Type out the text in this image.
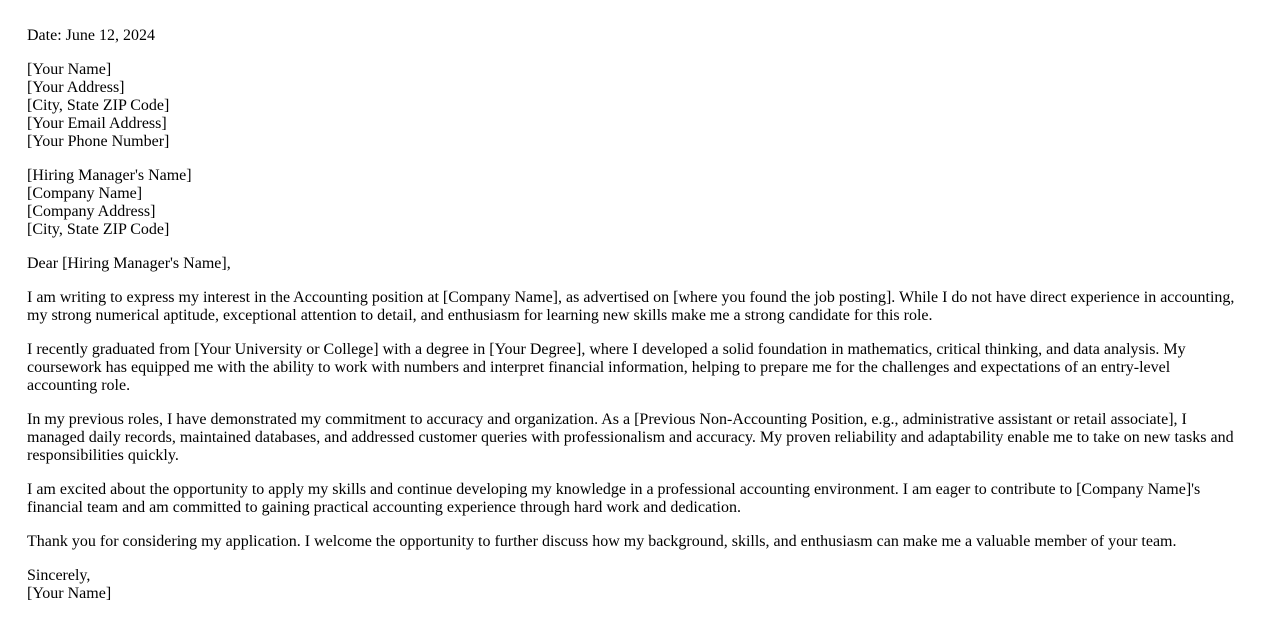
Date: June 12, 2024

[Your Name]
[Your Address]
[City, State ZIP Code]
[Your Email Address]
[Your Phone Number]

[Hiring Manager's Name]
[Company Name]
[Company Address]
[City, State ZIP Code]

Dear [Hiring Manager's Name],

I am writing to express my interest in the Accounting position at [Company Name], as advertised on [where you found the job posting]. While I do not have direct experience in accounting, my strong numerical aptitude, exceptional attention to detail, and enthusiasm for learning new skills make me a strong candidate for this role.

I recently graduated from [Your University or College] with a degree in [Your Degree], where I developed a solid foundation in mathematics, critical thinking, and data analysis. My coursework has equipped me with the ability to work with numbers and interpret financial information, helping to prepare me for the challenges and expectations of an entry-level accounting role.

In my previous roles, I have demonstrated my commitment to accuracy and organization. As a [Previous Non-Accounting Position, e.g., administrative assistant or retail associate], I managed daily records, maintained databases, and addressed customer queries with professionalism and accuracy. My proven reliability and adaptability enable me to take on new tasks and responsibilities quickly.

I am excited about the opportunity to apply my skills and continue developing my knowledge in a professional accounting environment. I am eager to contribute to [Company Name]'s financial team and am committed to gaining practical accounting experience through hard work and dedication.

Thank you for considering my application. I welcome the opportunity to further discuss how my background, skills, and enthusiasm can make me a valuable member of your team.

Sincerely,
[Your Name]
